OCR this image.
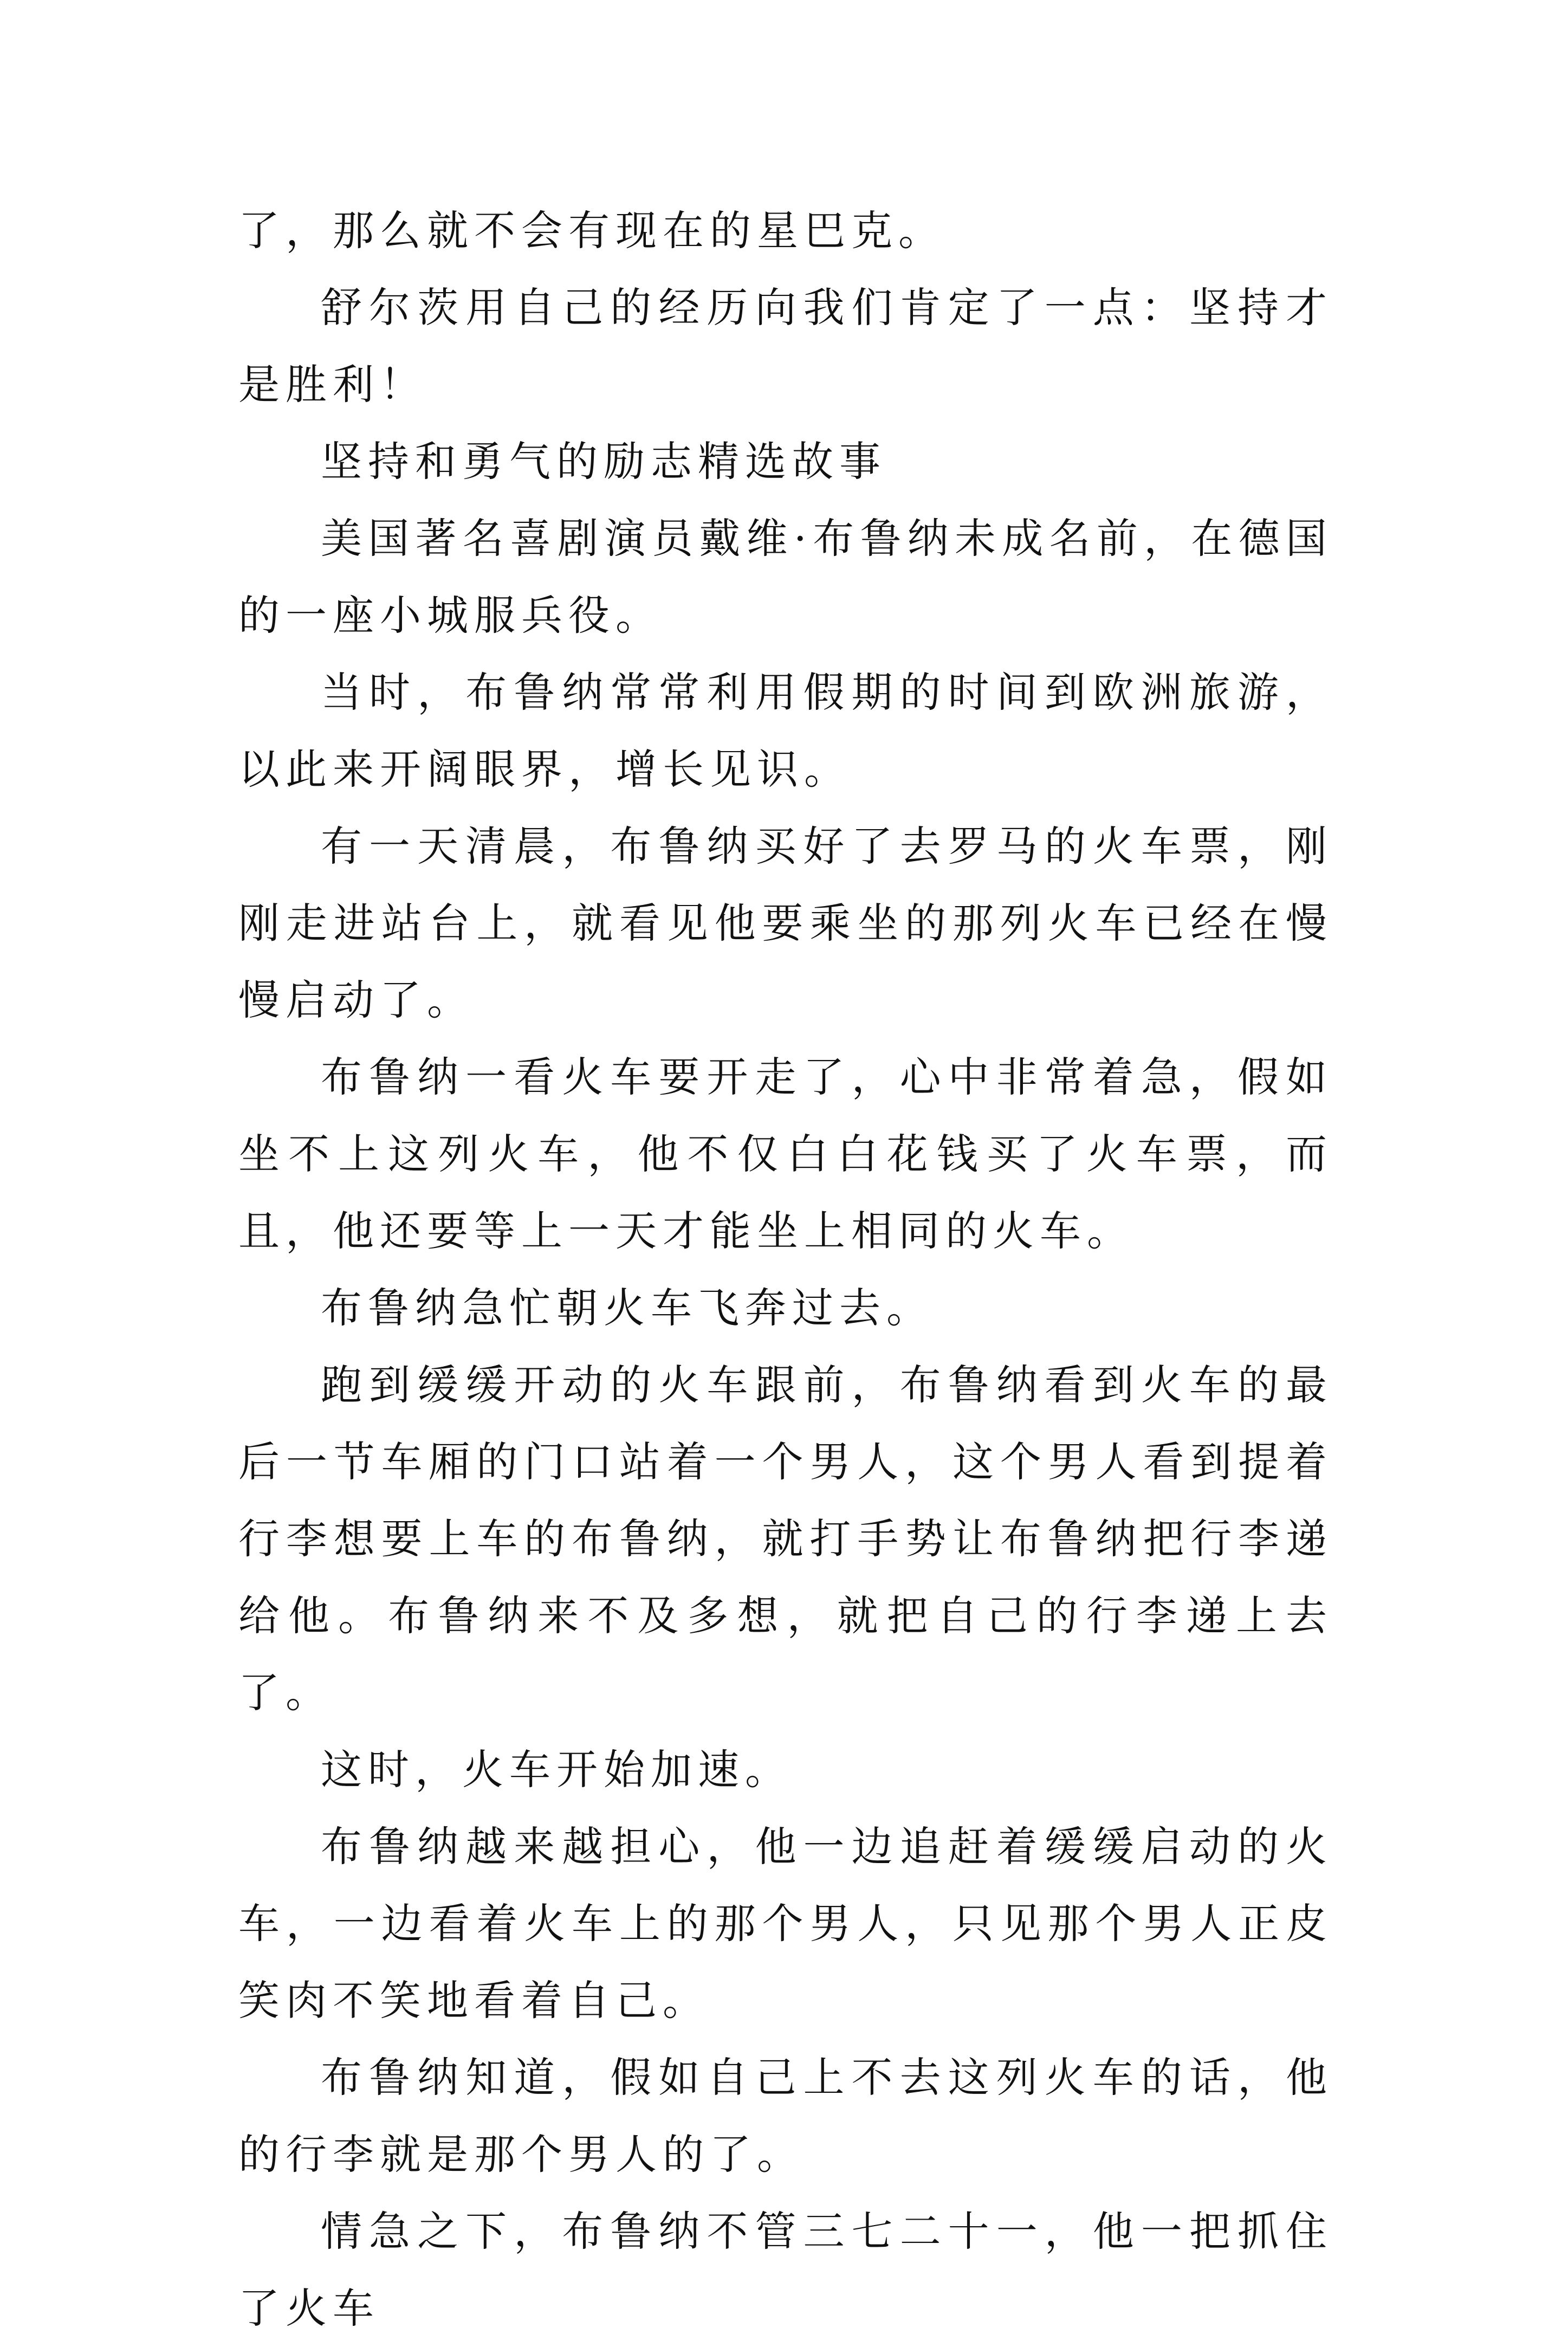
了，那么就不会有现在的星巴克。

舒尔茨用自己的经历向我们肯定了一点：坚持才是胜利！

坚持和勇气的励志精选故事

美国著名喜剧演员戴维·布鲁纳未成名前，在德国的一座小城服兵役。

当时，布鲁纳常常利用假期的时间到欧洲旅游，以此来开阔眼界，增长见识。

有一天清晨，布鲁纳买好了去罗马的火车票，刚刚走进站台上，就看见他要乘坐的那列火车已经在慢慢启动了。

布鲁纳一看火车要开走了，心中非常着急，假如坐不上这列火车，他不仅白白花钱买了火车票，而且，他还要等上一天才能坐上相同的火车。

布鲁纳急忙朝火车飞奔过去。

跑到缓缓开动的火车跟前，布鲁纳看到火车的最后一节车厢的门口站着一个男人，这个男人看到提着行李想要上车的布鲁纳，就打手势让布鲁纳把行李递给他。布鲁纳来不及多想，就把自己的行李递上去了。

这时，火车开始加速。

布鲁纳越来越担心，他一边追赶着缓缓启动的火车，一边看着火车上的那个男人，只见那个男人正皮笑肉不笑地看着自己。

布鲁纳知道，假如自己上不去这列火车的话，他的行李就是那个男人的了。

情急之下，布鲁纳不管三七二十一，他一把抓住了火车
